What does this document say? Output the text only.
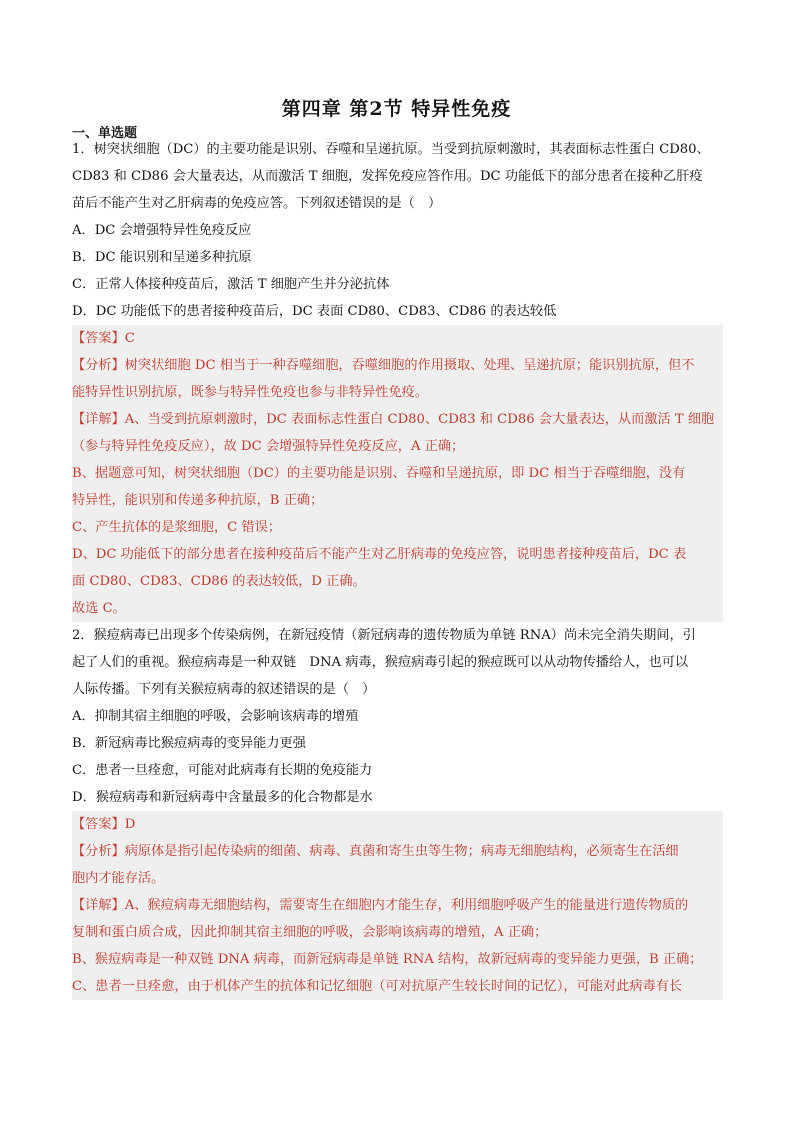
第四章 第2节 特异性免疫
一、单选题
1．树突状细胞（DC）的主要功能是识别、吞噬和呈递抗原。当受到抗原刺激时，其表面标志性蛋白 CD80、
CD83 和 CD86 会大量表达，从而激活 T 细胞，发挥免疫应答作用。DC 功能低下的部分患者在接种乙肝疫
苗后不能产生对乙肝病毒的免疫应答。下列叙述错误的是（　）
A．DC 会增强特异性免疫反应
B．DC 能识别和呈递多种抗原
C．正常人体接种疫苗后，激活 T 细胞产生并分泌抗体
D．DC 功能低下的患者接种疫苗后，DC 表面 CD80、CD83、CD86 的表达较低
【答案】C
【分析】树突状细胞 DC 相当于一种吞噬细胞，吞噬细胞的作用摄取、处理、呈递抗原；能识别抗原，但不
能特异性识别抗原，既参与特异性免疫也参与非特异性免疫。
【详解】A、当受到抗原刺激时，DC 表面标志性蛋白 CD80、CD83 和 CD86 会大量表达，从而激活 T 细胞
（参与特异性免疫反应），故 DC 会增强特异性免疫反应，A 正确；
B、据题意可知，树突状细胞（DC）的主要功能是识别、吞噬和呈递抗原，即 DC 相当于吞噬细胞，没有
特异性，能识别和传递多种抗原，B 正确；
C、产生抗体的是浆细胞，C 错误；
D、DC 功能低下的部分患者在接种疫苗后不能产生对乙肝病毒的免疫应答，说明患者接种疫苗后，DC 表
面 CD80、CD83、CD86 的表达较低，D 正确。
故选 C。
2．猴痘病毒已出现多个传染病例，在新冠疫情（新冠病毒的遗传物质为单链 RNA）尚未完全消失期间，引
起了人们的重视。猴痘病毒是一种双链　DNA 病毒，猴痘病毒引起的猴痘既可以从动物传播给人，也可以
人际传播。下列有关猴痘病毒的叙述错误的是（　）
A．抑制其宿主细胞的呼吸，会影响该病毒的增殖
B．新冠病毒比猴痘病毒的变异能力更强
C．患者一旦痊愈，可能对此病毒有长期的免疫能力
D．猴痘病毒和新冠病毒中含量最多的化合物都是水
【答案】D
【分析】病原体是指引起传染病的细菌、病毒、真菌和寄生虫等生物；病毒无细胞结构，必须寄生在活细
胞内才能存活。
【详解】A、猴痘病毒无细胞结构，需要寄生在细胞内才能生存，利用细胞呼吸产生的能量进行遗传物质的
复制和蛋白质合成，因此抑制其宿主细胞的呼吸，会影响该病毒的增殖，A 正确；
B、猴痘病毒是一种双链 DNA 病毒，而新冠病毒是单链 RNA 结构，故新冠病毒的变异能力更强，B 正确；
C、患者一旦痊愈，由于机体产生的抗体和记忆细胞（可对抗原产生较长时间的记忆），可能对此病毒有长
